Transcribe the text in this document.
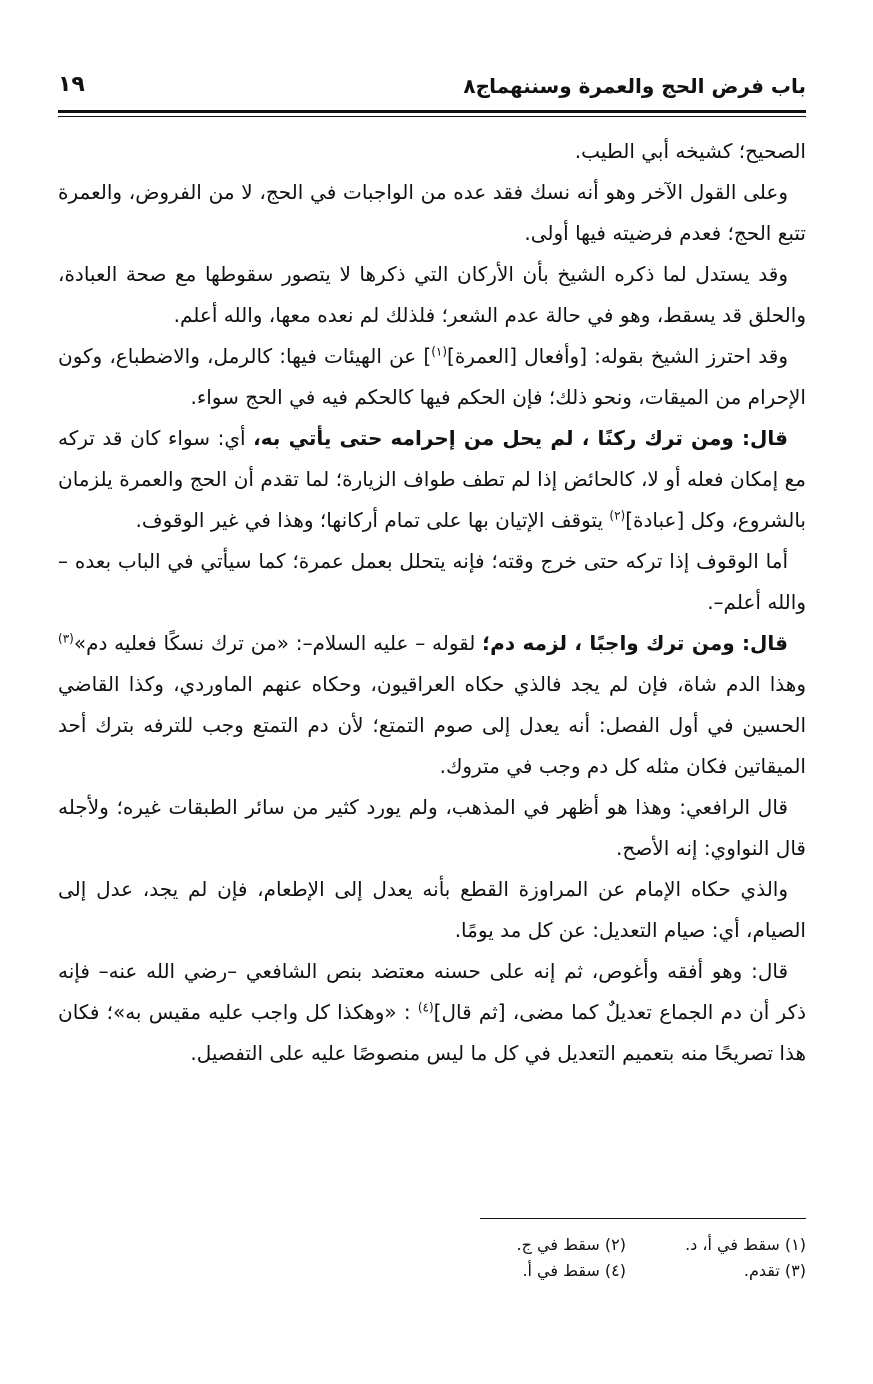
باب فرض الحج والعمرة وسننهما
ج٨
١٩

الصحيح؛ كشيخه أبي الطيب.

وعلى القول الآخر وهو أنه نسك فقد عده من الواجبات في الحج، لا من الفروض، والعمرة تتبع الحج؛ فعدم فرضيته فيها أولى.

وقد يستدل لما ذكره الشيخ بأن الأركان التي ذكرها لا يتصور سقوطها مع صحة العبادة، والحلق قد يسقط، وهو في حالة عدم الشعر؛ فلذلك لم نعده معها، والله أعلم.

وقد احترز الشيخ بقوله: [وأفعال [العمرة]$^{(١)}$] عن الهيئات فيها: كالرمل، والاضطباع، وكون الإحرام من الميقات، ونحو ذلك؛ فإن الحكم فيها كالحكم فيه في الحج سواء.

قال: ومن ترك ركنًا ، لم يحل من إحرامه حتى يأتي به، أي: سواء كان قد تركه مع إمكان فعله أو لا، كالحائض إذا لم تطف طواف الزيارة؛ لما تقدم أن الحج والعمرة يلزمان بالشروع، وكل [عبادة]$^{(٢)}$ يتوقف الإتيان بها على تمام أركانها؛ وهذا في غير الوقوف.

أما الوقوف إذا تركه حتى خرج وقته؛ فإنه يتحلل بعمل عمرة؛ كما سيأتي في الباب بعده – والله أعلم–.

قال: ومن ترك واجبًا ، لزمه دم؛ لقوله – عليه السلام–: «من ترك نسكًا فعليه دم»$^{(٣)}$ وهذا الدم شاة، فإن لم يجد فالذي حكاه العراقيون، وحكاه عنهم الماوردي، وكذا القاضي الحسين في أول الفصل: أنه يعدل إلى صوم التمتع؛ لأن دم التمتع وجب للترفه بترك أحد الميقاتين فكان مثله كل دم وجب في متروك.

قال الرافعي: وهذا هو أظهر في المذهب، ولم يورد كثير من سائر الطبقات غيره؛ ولأجله قال النواوي: إنه الأصح.

والذي حكاه الإمام عن المراوزة القطع بأنه يعدل إلى الإطعام، فإن لم يجد، عدل إلى الصيام، أي: صيام التعديل: عن كل مد يومًا.

قال: وهو أفقه وأغوص، ثم إنه على حسنه معتضد بنص الشافعي –رضي الله عنه– فإنه ذكر أن دم الجماع تعديلٌ كما مضى، [ثم قال]$^{(٤)}$ : «وهكذا كل واجب عليه مقيس به»؛ فكان هذا تصريحًا منه بتعميم التعديل في كل ما ليس منصوصًا عليه على التفصيل.

(١) سقط في أ، د.
(٢) سقط في ج.
(٣) تقدم.
(٤) سقط في أ.
